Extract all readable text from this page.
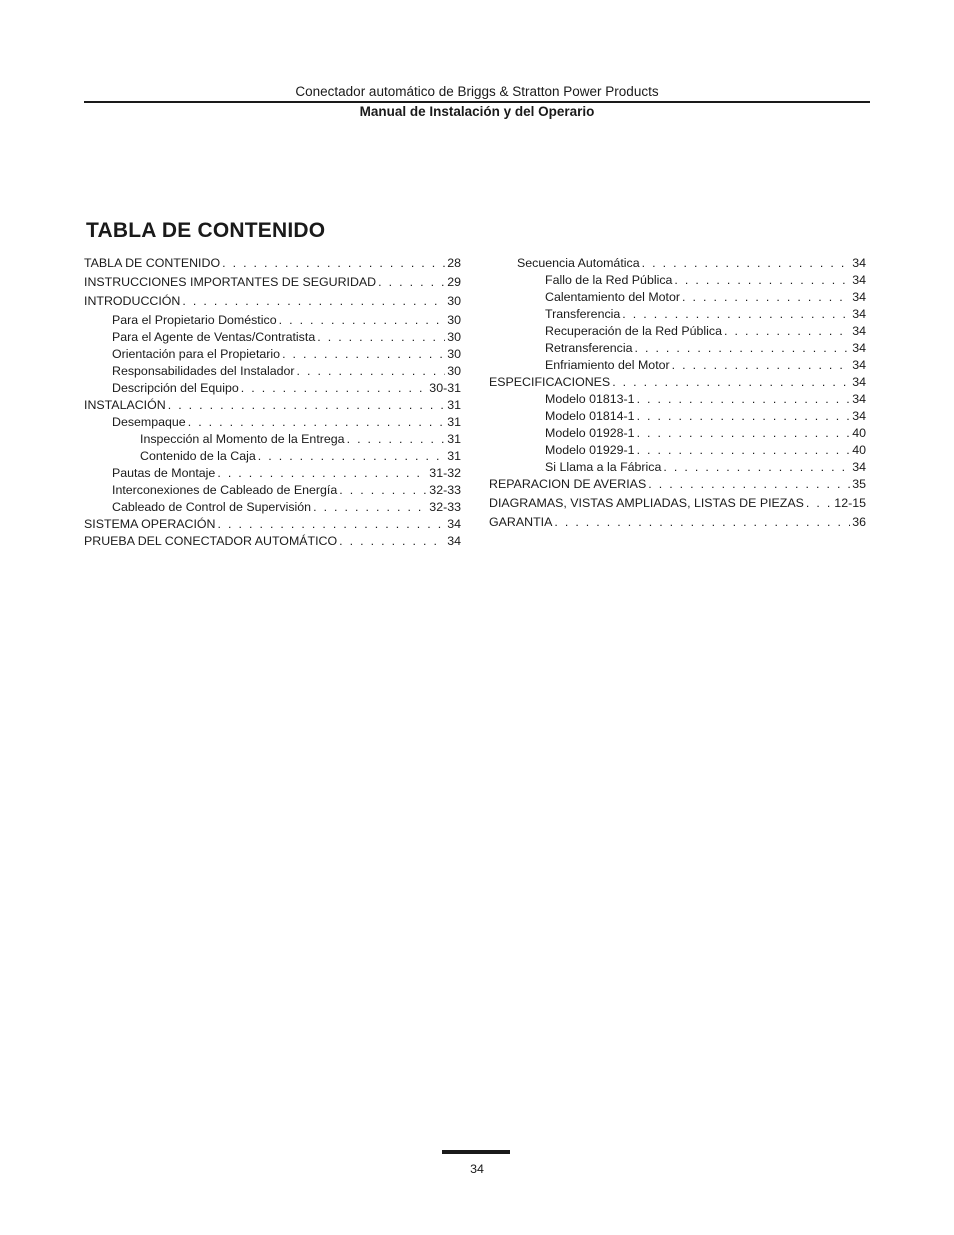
Conectador automático de Briggs & Stratton Power Products
Manual de Instalación y del Operario
TABLA DE CONTENIDO
TABLA DE CONTENIDO . . .	28
INSTRUCCIONES IMPORTANTES DE SEGURIDAD . . .	29
INTRODUCCIÓN . . .	30
Para el Propietario Doméstico . . .	30
Para el Agente de Ventas/Contratista . . .	30
Orientación para el Propietario . . .	30
Responsabilidades del Instalador . . .	30
Descripción del Equipo . . .	30-31
INSTALACIÓN . . .	31
Desempaque . . .	31
Inspección al Momento de la Entrega . . .	31
Contenido de la Caja . . .	31
Pautas de Montaje . . .	31-32
Interconexiones de Cableado de Energía . . .	32-33
Cableado de Control de Supervisión . . .	32-33
SISTEMA OPERACIÓN . . .	34
PRUEBA DEL CONECTADOR AUTOMÁTICO . . .	34
Secuencia Automática . . .	34
Fallo de la Red Pública . . .	34
Calentamiento del Motor . . .	34
Transferencia . . .	34
Recuperación de la Red Pública . . .	34
Retransferencia . . .	34
Enfriamiento del Motor . . .	34
ESPECIFICACIONES . . .	34
Modelo 01813-1 . . .	34
Modelo 01814-1 . . .	34
Modelo 01928-1 . . .	40
Modelo 01929-1 . . .	40
Si Llama a la Fábrica . . .	34
REPARACION DE AVERIAS . . .	35
DIAGRAMAS, VISTAS AMPLIADAS, LISTAS DE PIEZAS . . . 12-15
GARANTIA . . .	36
34
